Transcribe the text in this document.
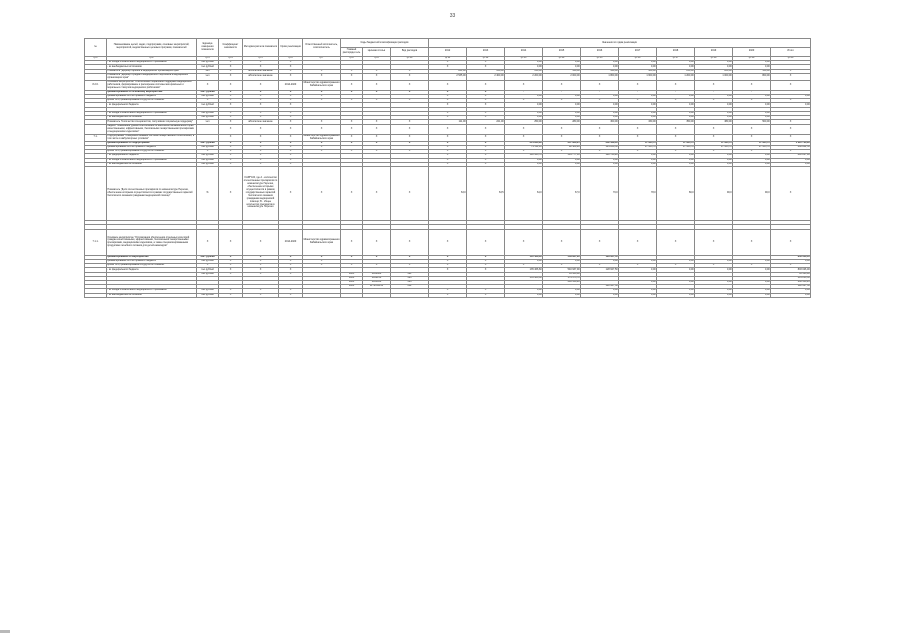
33
№	Наименование целей, задач, подпрограмм, основных мероприятий, мероприятий, ведомственных целевых программ, показателей	Единица измерения показателя	Коэффициент значимости	Методика расчета показателя	Сроки реализации	Ответственный исполнитель, соисполнитель	Коды бюджетной классификации расходов			Значения по годам реализации									
							Главный распоряди-тель	Целевая статья	Вид расходов	2012	2013	2014	2015	2016	2017	2018	2019	2020	Итого
гр.1	гр.2	гр.3	гр.4	гр.5	гр.6	гр.7	гр.8	гр.9	гр.10	гр.11	гр.12	гр.13	гр.14	гр.15	гр.16	гр.17	гр.18	гр.19	гр.20
	- из Фонда обязательного медицинского страхования	тыс.рублей	Х	Х	Х					Х	Х	0,00	0,00	0,00	0,00	0,00	0,00	0,00	
	- из внебюджетных источников	тыс.рублей	Х	Х	Х					Х	Х	0,00	0,00	0,00	0,00	0,00	0,00	0,00	
	Показатель "Дефицит врачей в медицинских организациях края"	чел	Х	абсолютное значение	Х	Х	Х	Х	Х	841,00	658,00	610,00	548,00	410,00	300,00	250,00	200,00	150,00	Х
	Показатель "Дефицит среднего медицинского персонала в медицинских организациях края"	чел	Х	абсолютное значение	Х	Х	Х	Х	Х	2 535,00	2 400,00	2 200,00	2 000,00	1 800,00	1 600,00	1 200,00	1 000,00	800,00	Х
8.2.6.	Основное мероприятие "Обеспечение социальной поддержки медицинских работников, формирование и расширение системы материальных и моральных стимулов медицинских работников"	Х	Х	Х	2014-2020	Министерство здравоохранения Забайкальского края	Х	Х	Х	Х	Х	Х	Х	Х	Х	Х	Х	Х	Х
	финансирование по основному мероприятию	тыс. рублей	Х	Х	Х	Х	Х	Х	Х	Х	Х	-	-	-	-	-	-	-	
	финансирование за счет краевого бюджета	тыс.рублей	Х	Х	Х	Х				Х	Х	0,00	0,00	0,00	0,00	0,00	0,00	0,00	0,00
	кроме того, финансирование из других источников:	Х	Х	Х	Х	Х	Х	Х	Х	Х	Х	Х	Х	Х	Х	Х	Х	Х	Х
	- из федерального бюджета	тыс.рублей	Х	Х	Х					Х	Х	0,00	0,00	0,00	0,00	0,00	0,00	0,00	0,00

	- из Фонда обязательного медицинского страхования	тыс.рублей	Х	Х	Х					Х	Х	0,00	0,00	0,00	0,00	0,00	0,00	0,00	
	- из внебюджетных источников	тыс.рублей	Х	Х	Х					Х	Х	0,00	0,00	0,00	0,00	0,00	0,00	0,00	
	Показатель "Количество специалистов, получивших социальную поддержку"	чел	Х	абсолютное значение	Х	Х	Х	Х	Х	111,00	221,00	250,00	280,00	300,00	330,00	350,00	380,00	500,00	Х
	Задача "Повышение уровня обеспеченности населения Забайкальского края качественными, эффективными, безопасными лекарственными препаратами и медицинскими изделиями"		Х	Х	Х	Х	Х	Х	Х	Х	Х	Х	Х	Х	Х	Х	Х	Х	Х
7.1.	Подпрограмма "Совершенствование системы лекарственного обеспечения, в том числе в амбулаторных условиях"		Х	Х	Х	Министерство здравоохранения Забайкальского края	Х	Х	Х	Х	Х	Х	Х	Х	Х	Х	Х	Х	Х
	финансирование по подпрограмме	тыс. рублей	Х	Х	Х	Х	Х	Х	Х	Х	Х	214 834,80	647 966,25	232 588,00	47 335,70	47 335,70	47 335,70	47 335,70	1 365 733,80
	финансирование за счет краевого бюджета	тыс.рублей	Х	Х	Х	Х				Х	Х	74 511,10	98 189,20	124 838,50	47 335,70	47 335,70	47 335,70	47 335,70	486 882,50
	кроме того, финансирование из других источников:	Х	Х	Х	Х	Х	Х	Х	Х	Х	Х	Х	Х	Х	Х	Х	Х	Х	Х
	- из федерального бюджета	тыс.рублей	Х	Х	Х					Х	Х	140 323,70	549 777,10	128 728,20	0,00	0,00	0,00	0,00	818 827,90
	- из Фонда обязательного медицинского страхования	тыс.рублей	Х	Х	Х					Х	Х	0,00	0,00	0,00	0,00	0,00	0,00	0,00	0,00
	- из внебюджетных источников	тыс.рублей	Х	Х	Х					Х	Х	0,00	0,00	0,00	0,00	0,00	0,00	0,00	0,00
	Показатель "Доля отечественных препаратов по номенклатуре Перечня, обеспечение которыми осуществляется в рамках государственных гарантий бесплатного оказания гражданам медицинской помощи"	%	Х	I=A/B*100, где А - количество отечественных препаратов по номенклатуре Перечня, обеспечение которыми осуществляется в рамках государственных гарантий бесплатного оказания гражданам медицинской помощи; В - общее количество препаратов в номенклатуре Перечня	Х	Х	Х	Х	Х	63,0	63,5	64,0	67,0	70,0	78,0	80,0	90,0	90,0	Х

7.1.1.	Основное мероприятие "Оптимизация обеспечения отдельных категорий граждан качественными, эффективными, безопасными лекарственными препаратами, медицинскими изделиями, а также специализированными продуктами лечебного питания для детей-инвалидов"	Х	Х	Х	2014-2020	Министерство здравоохранения Забайкальского края	Х	Х	Х	Х	Х	Х	Х	Х	Х	Х	Х	Х	Х
	финансирование по мероприятию	тыс. рублей	Х	Х	Х	Х	Х	Х	Х	Х	Х	135 466,60	549 937,90	128 627,50					803 026,00
	финансирование за счет краевого бюджета	тыс.рублей	Х	Х	Х	Х				Х	Х	0,00	0,00	0,00	0,00	0,00	0,00	0,00	0,00
	кроме того, финансирование из других источников:	Х	Х	Х	Х	Х	Х	Х	Х	Х	Х	Х	Х	Х	Х	Х	Х	Х	Х
	- из федерального бюджета	тыс.рублей	Х	Х	Х					Х	Х	135 466,60	540 937,90	128 627,50	0,00	0,00	0,00	0,00	803 026,00
		тыс.рублей	Х	Х	Х		1005	4850460	321				65 326,90						65 326,90
							1003	4852150	323			135 466,60	179 375,70						314 816,30
							1003	4853030	323				296 418,20		0,00	0,00	0,00	0,00	296 418,20
							1003	3172315151	612					128 627,50					128 627,50
	- из Фонда обязательного медицинского страхования	тыс.рублей	Х	Х	Х					Х	Х	0,00	0,00	0,00	0,00	0,00	0,00	0,00	0,00
	- из внебюджетных источников	тыс.рублей	Х	Х	Х					Х	Х	0,00	0,00	0,00	0,00	0,00	0,00	0,00	0,00
